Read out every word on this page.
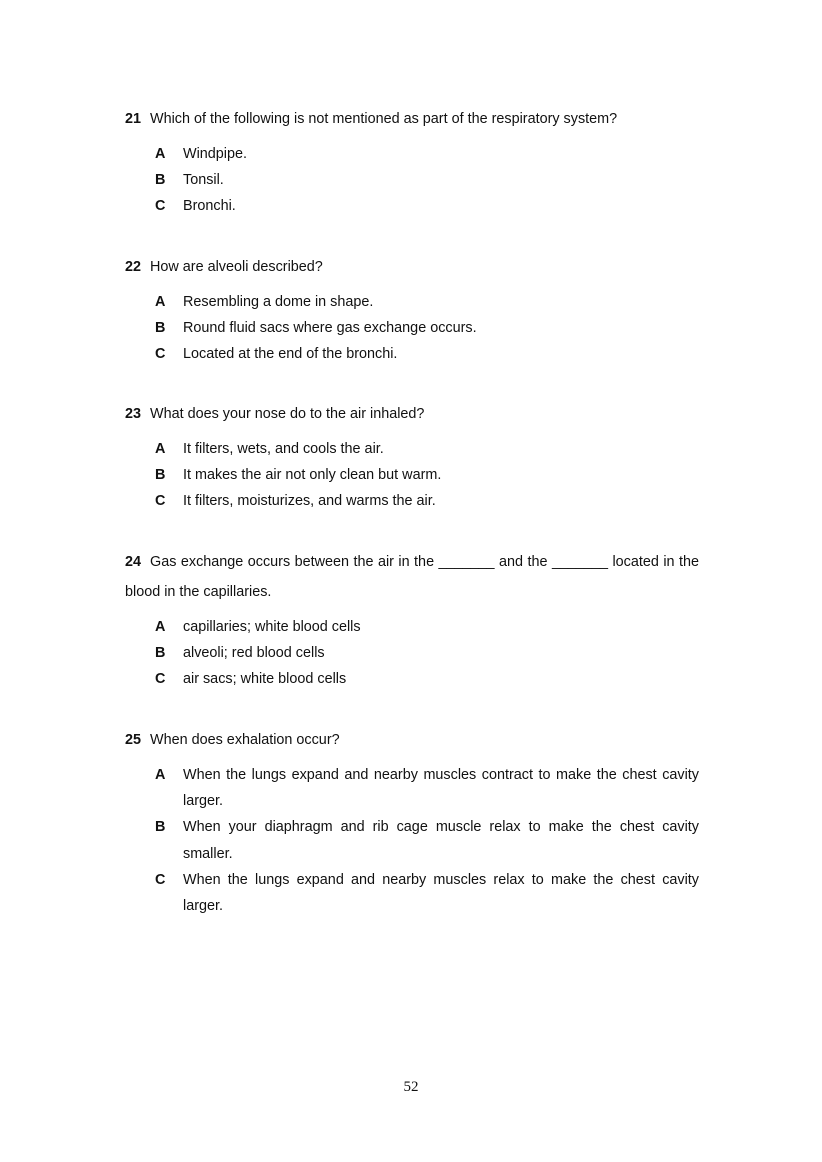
21 Which of the following is not mentioned as part of the respiratory system?
A	Windpipe.
B	Tonsil.
C	Bronchi.
22 How are alveoli described?
A	Resembling a dome in shape.
B	Round fluid sacs where gas exchange occurs.
C	Located at the end of the bronchi.
23 What does your nose do to the air inhaled?
A	It filters, wets, and cools the air.
B	It makes the air not only clean but warm.
C	It filters, moisturizes, and warms the air.
24 Gas exchange occurs between the air in the _______ and the _______ located in the blood in the capillaries.
A	capillaries; white blood cells
B	alveoli; red blood cells
C	air sacs; white blood cells
25 When does exhalation occur?
A	When the lungs expand and nearby muscles contract to make the chest cavity larger.
B	When your diaphragm and rib cage muscle relax to make the chest cavity smaller.
C	When the lungs expand and nearby muscles relax to make the chest cavity larger.
52
